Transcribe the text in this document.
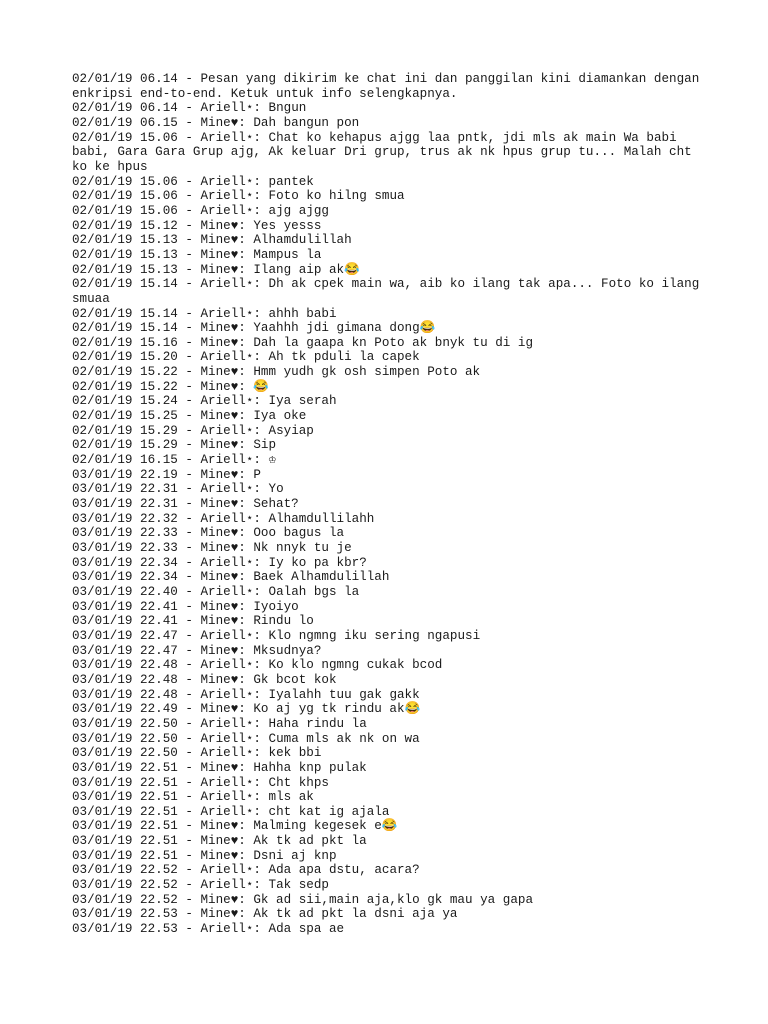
02/01/19 06.14 - Pesan yang dikirim ke chat ini dan panggilan kini diamankan dengan enkripsi end-to-end. Ketuk untuk info selengkapnya.
02/01/19 06.14 - Ariell⋆: Bngun
02/01/19 06.15 - Mine♥: Dah bangun pon
02/01/19 15.06 - Ariell⋆: Chat ko kehapus ajgg laa pntk, jdi mls ak main Wa babi babi, Gara Gara Grup ajg, Ak keluar Dri grup, trus ak nk hpus grup tu... Malah cht ko ke hpus
02/01/19 15.06 - Ariell⋆: pantek
02/01/19 15.06 - Ariell⋆: Foto ko hilng smua
02/01/19 15.06 - Ariell⋆: ajg ajgg
02/01/19 15.12 - Mine♥: Yes yesss
02/01/19 15.13 - Mine♥: Alhamdulillah
02/01/19 15.13 - Mine♥: Mampus la
02/01/19 15.13 - Mine♥: Ilang aip ak😂
02/01/19 15.14 - Ariell⋆: Dh ak cpek main wa, aib ko ilang tak apa... Foto ko ilang smuaa
02/01/19 15.14 - Ariell⋆: ahhh babi
02/01/19 15.14 - Mine♥: Yaahhh jdi gimana dong😂
02/01/19 15.16 - Mine♥: Dah la gaapa kn Poto ak bnyk tu di ig
02/01/19 15.20 - Ariell⋆: Ah tk pduli la capek
02/01/19 15.22 - Mine♥: Hmm yudh gk osh simpen Poto ak
02/01/19 15.22 - Mine♥: 😂
02/01/19 15.24 - Ariell⋆: Iya serah
02/01/19 15.25 - Mine♥: Iya oke
02/01/19 15.29 - Ariell⋆: Asyiap
02/01/19 15.29 - Mine♥: Sip
02/01/19 16.15 - Ariell⋆: ♔
03/01/19 22.19 - Mine♥: P
03/01/19 22.31 - Ariell⋆: Yo
03/01/19 22.31 - Mine♥: Sehat?
03/01/19 22.32 - Ariell⋆: Alhamdullilahh
03/01/19 22.33 - Mine♥: Ooo bagus la
03/01/19 22.33 - Mine♥: Nk nnyk tu je
03/01/19 22.34 - Ariell⋆: Iy ko pa kbr?
03/01/19 22.34 - Mine♥: Baek Alhamdulillah
03/01/19 22.40 - Ariell⋆: Oalah bgs la
03/01/19 22.41 - Mine♥: Iyoiyo
03/01/19 22.41 - Mine♥: Rindu lo
03/01/19 22.47 - Ariell⋆: Klo ngmng iku sering ngapusi
03/01/19 22.47 - Mine♥: Mksudnya?
03/01/19 22.48 - Ariell⋆: Ko klo ngmng cukak bcod
03/01/19 22.48 - Mine♥: Gk bcot kok
03/01/19 22.48 - Ariell⋆: Iyalahh tuu gak gakk
03/01/19 22.49 - Mine♥: Ko aj yg tk rindu ak😂
03/01/19 22.50 - Ariell⋆: Haha rindu la
03/01/19 22.50 - Ariell⋆: Cuma mls ak nk on wa
03/01/19 22.50 - Ariell⋆: kek bbi
03/01/19 22.51 - Mine♥: Hahha knp pulak
03/01/19 22.51 - Ariell⋆: Cht khps
03/01/19 22.51 - Ariell⋆: mls ak
03/01/19 22.51 - Ariell⋆: cht kat ig ajala
03/01/19 22.51 - Mine♥: Malming kegesek e😂
03/01/19 22.51 - Mine♥: Ak tk ad pkt la
03/01/19 22.51 - Mine♥: Dsni aj knp
03/01/19 22.52 - Ariell⋆: Ada apa dstu, acara?
03/01/19 22.52 - Ariell⋆: Tak sedp
03/01/19 22.52 - Mine♥: Gk ad sii,main aja,klo gk mau ya gapa
03/01/19 22.53 - Mine♥: Ak tk ad pkt la dsni aja ya
03/01/19 22.53 - Ariell⋆: Ada spa ae
